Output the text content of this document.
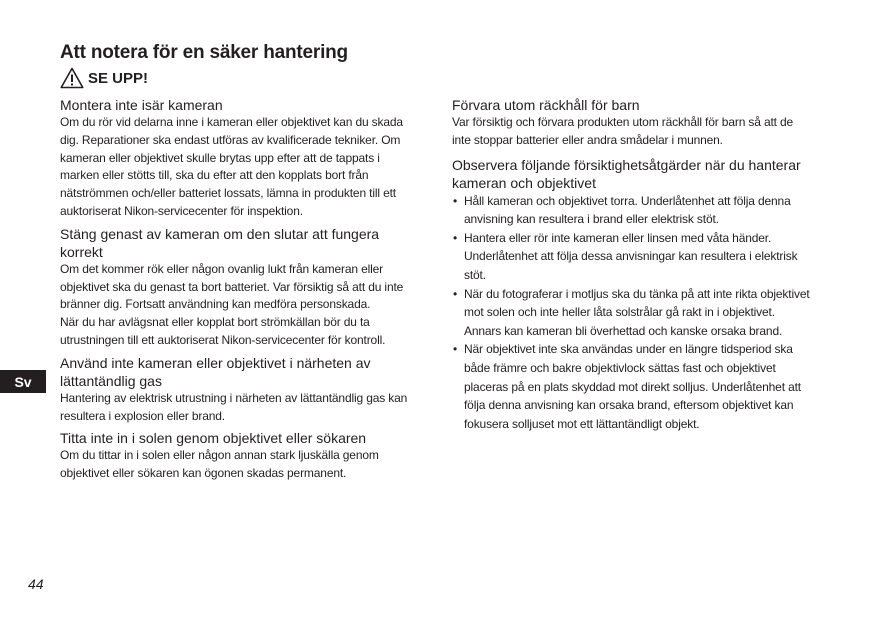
Att notera för en säker hantering
SE UPP!

Montera inte isär kameran

Om du rör vid delarna inne i kameran eller objektivet kan du skada dig. Reparationer ska endast utföras av kvalificerade tekniker. Om kameran eller objektivet skulle brytas upp efter att de tappats i marken eller stötts till, ska du efter att den kopplats bort från nätströmmen och/eller batteriet lossats, lämna in produkten till ett auktoriserat Nikon-servicecenter för inspektion.

Stäng genast av kameran om den slutar att fungera korrekt

Om det kommer rök eller någon ovanlig lukt från kameran eller objektivet ska du genast ta bort batteriet. Var försiktig så att du inte bränner dig. Fortsatt användning kan medföra personskada.

När du har avlägsnat eller kopplat bort strömkällan bör du ta utrustningen till ett auktoriserat Nikon-servicecenter för kontroll.

Använd inte kameran eller objektivet i närheten av lättantändlig gas

Hantering av elektrisk utrustning i närheten av lättantändlig gas kan resultera i explosion eller brand.

Titta inte in i solen genom objektivet eller sökaren

Om du tittar in i solen eller någon annan stark ljuskälla genom objektivet eller sökaren kan ögonen skadas permanent.

Förvara utom räckhåll för barn

Var försiktig och förvara produkten utom räckhåll för barn så att de inte stoppar batterier eller andra smådelar i munnen.

Observera följande försiktighetsåtgärder när du hanterar kameran och objektivet

• Håll kameran och objektivet torra. Underlåtenhet att följa denna anvisning kan resultera i brand eller elektrisk stöt.
• Hantera eller rör inte kameran eller linsen med våta händer. Underlåtenhet att följa dessa anvisningar kan resultera i elektrisk stöt.
• När du fotograferar i motljus ska du tänka på att inte rikta objektivet mot solen och inte heller låta solstrålar gå rakt in i objektivet. Annars kan kameran bli överhettad och kanske orsaka brand.
• När objektivet inte ska användas under en längre tidsperiod ska både främre och bakre objektivlock sättas fast och objektivet placeras på en plats skyddad mot direkt solljus. Underlåtenhet att följa denna anvisning kan orsaka brand, eftersom objektivet kan fokusera solljuset mot ett lättantändligt objekt.
Sv
44
